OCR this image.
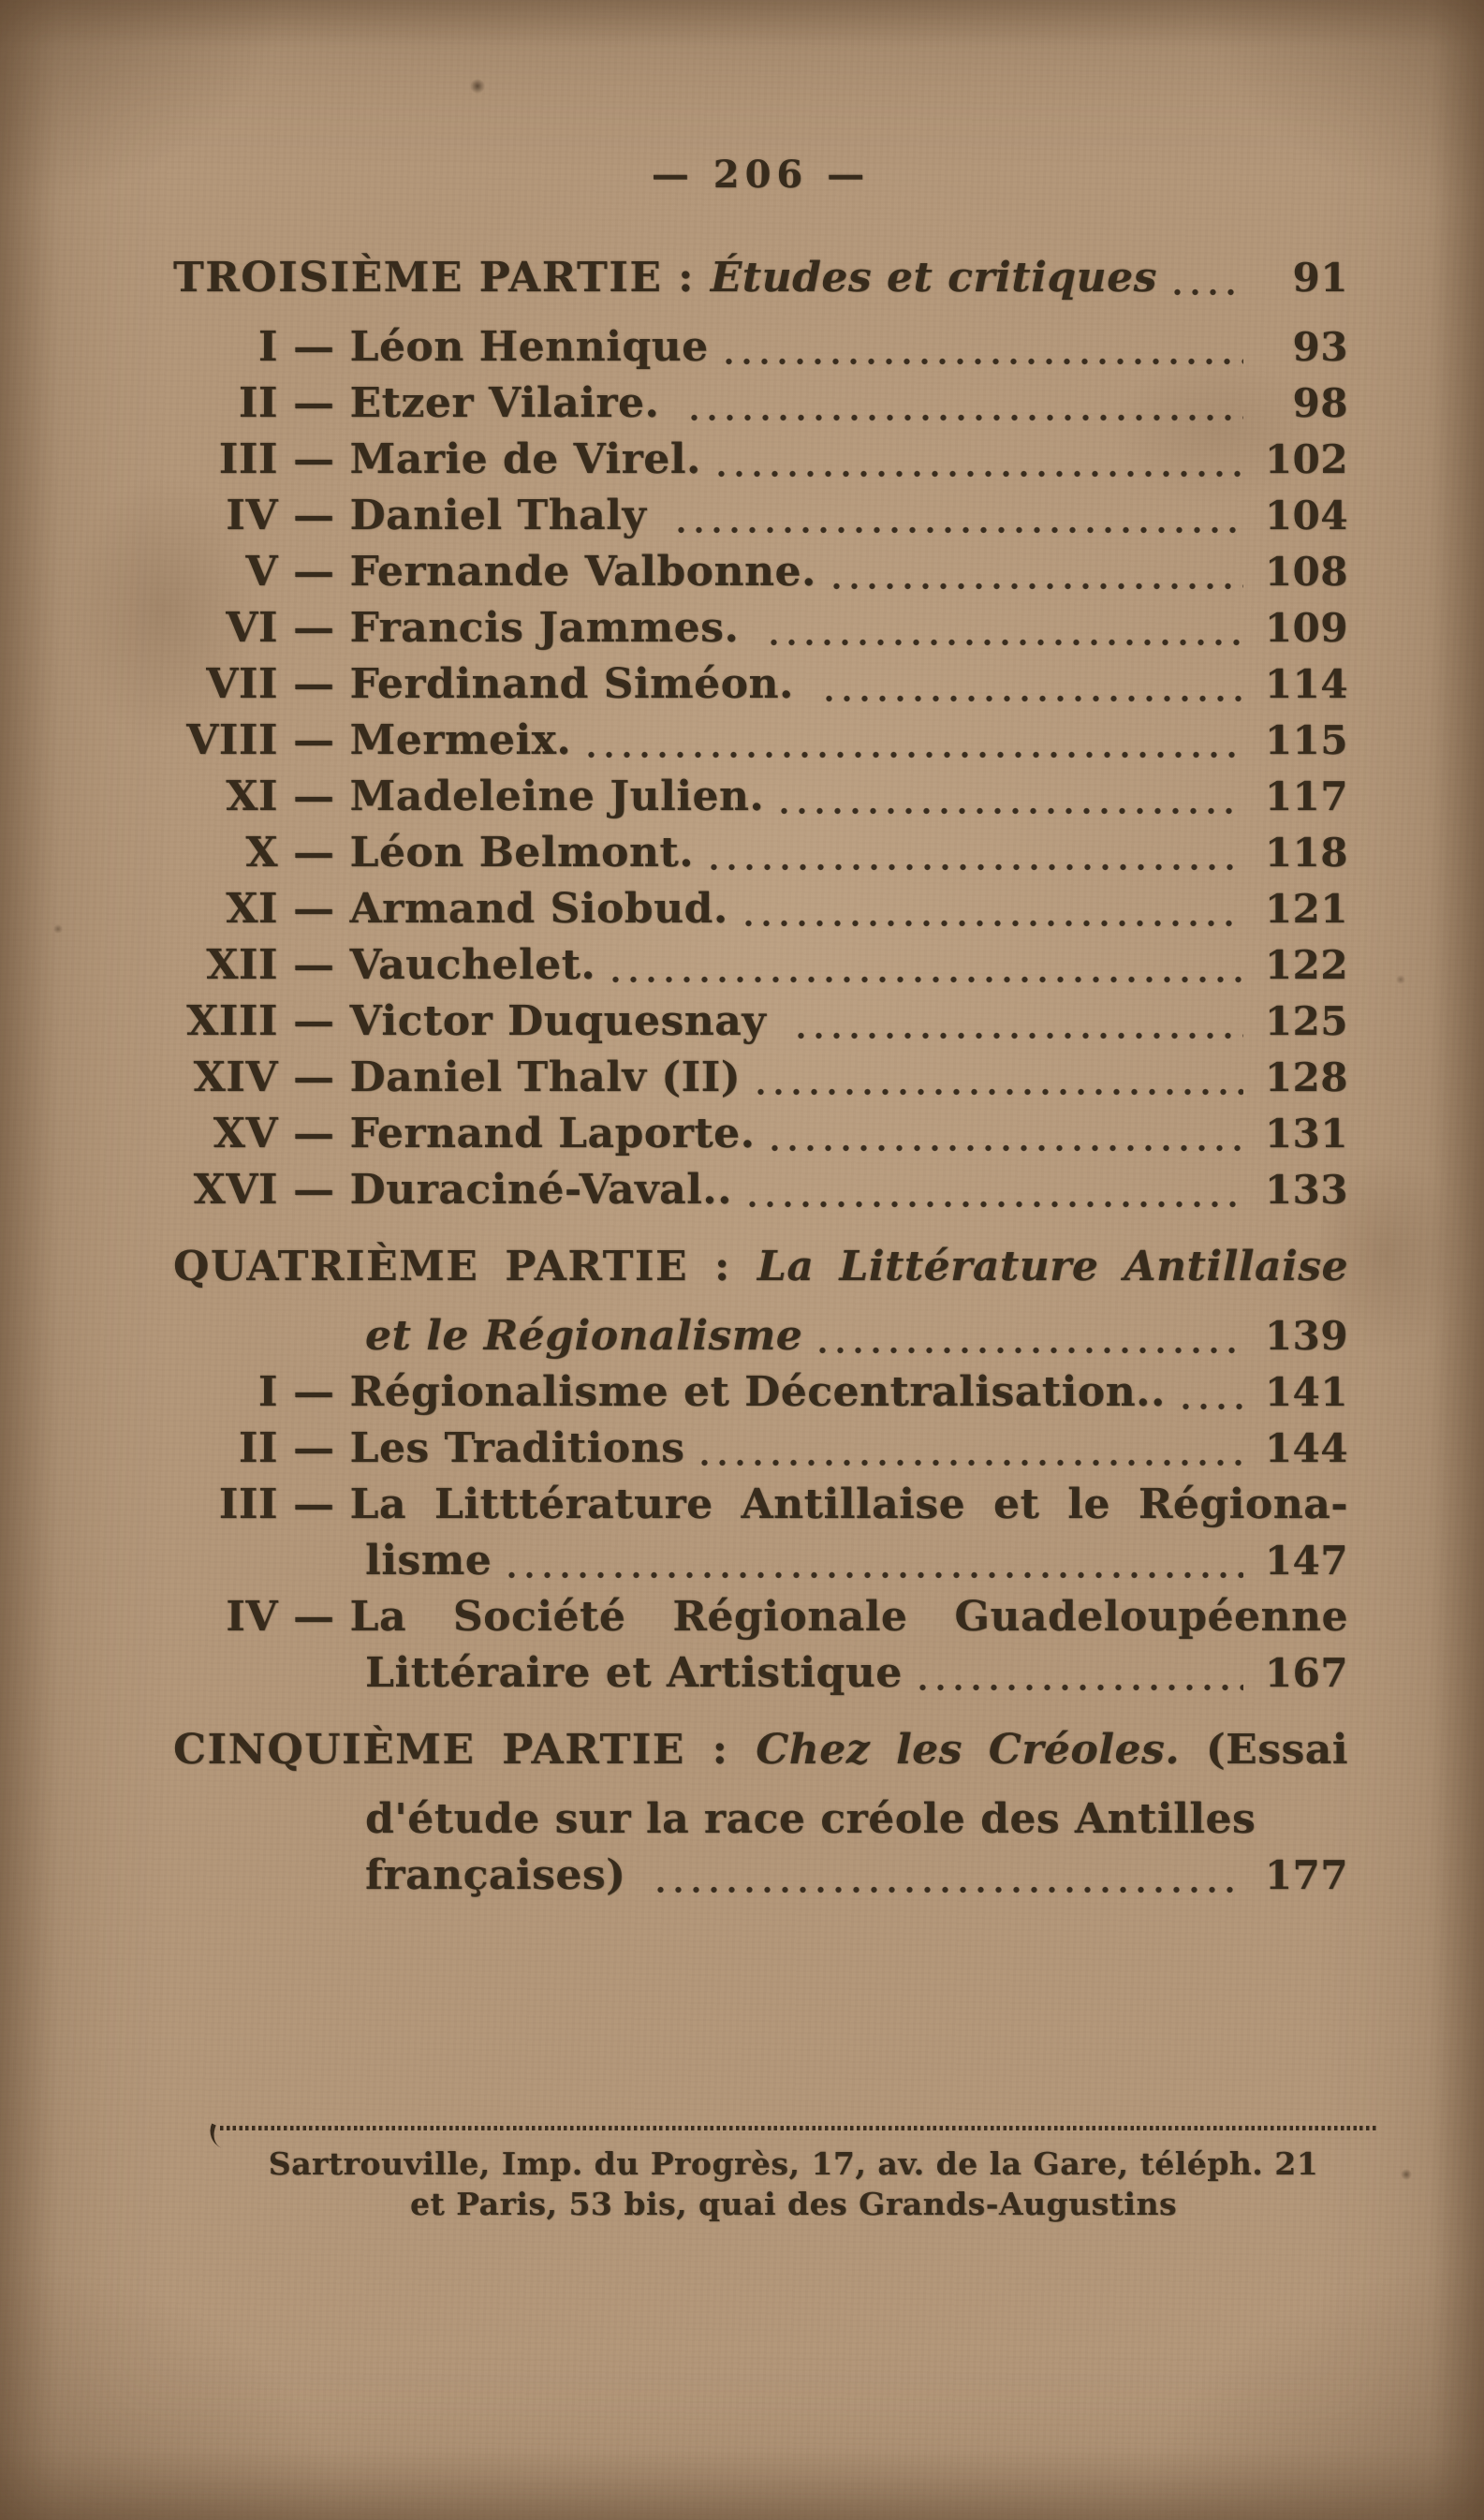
— 206 —
TROISIÈME PARTIE : Études et critiques	91
I — Léon Hennique	93
II — Etzer Vilaire.	98
III — Marie de Virel.	102
IV — Daniel Thaly	104
V — Fernande Valbonne.	108
VI — Francis Jammes.	109
VII — Ferdinand Siméon.	114
VIII — Mermeix.	115
XI — Madeleine Julien.	117
X — Léon Belmont.	118
XI — Armand Siobud.	121
XII — Vauchelet.	122
XIII — Victor Duquesnay	125
XIV — Daniel Thalv (II)	128
XV — Fernand Laporte.	131
XVI — Duraciné-Vaval..	133
QUATRIÈME PARTIE : La Littérature Antillaise
et le Régionalisme	139
I — Régionalisme et Décentralisation..	141
II — Les Traditions	144
III — La Litttérature Antillaise et le Régiona-
lisme	147
IV — La Société Régionale Guadeloupéenne
Littéraire et Artistique	167
CINQUIÈME PARTIE : Chez les Créoles. (Essai
d'étude sur la race créole des Antilles
françaises)	177
Sartrouville, Imp. du Progrès, 17, av. de la Gare, téléph. 21
et Paris, 53 bis, quai des Grands-Augustins
